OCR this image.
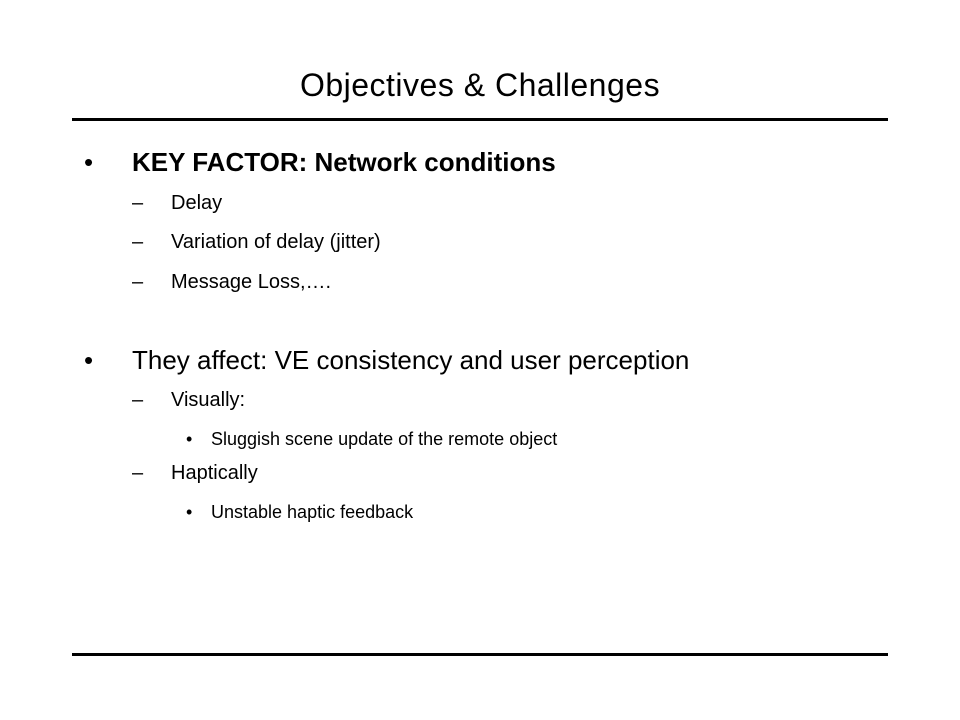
Objectives & Challenges
• KEY FACTOR: Network conditions
– Delay
– Variation of delay (jitter)
– Message Loss,….
• They affect: VE consistency and user perception
– Visually:
• Sluggish scene update of the remote object
– Haptically
• Unstable haptic feedback
